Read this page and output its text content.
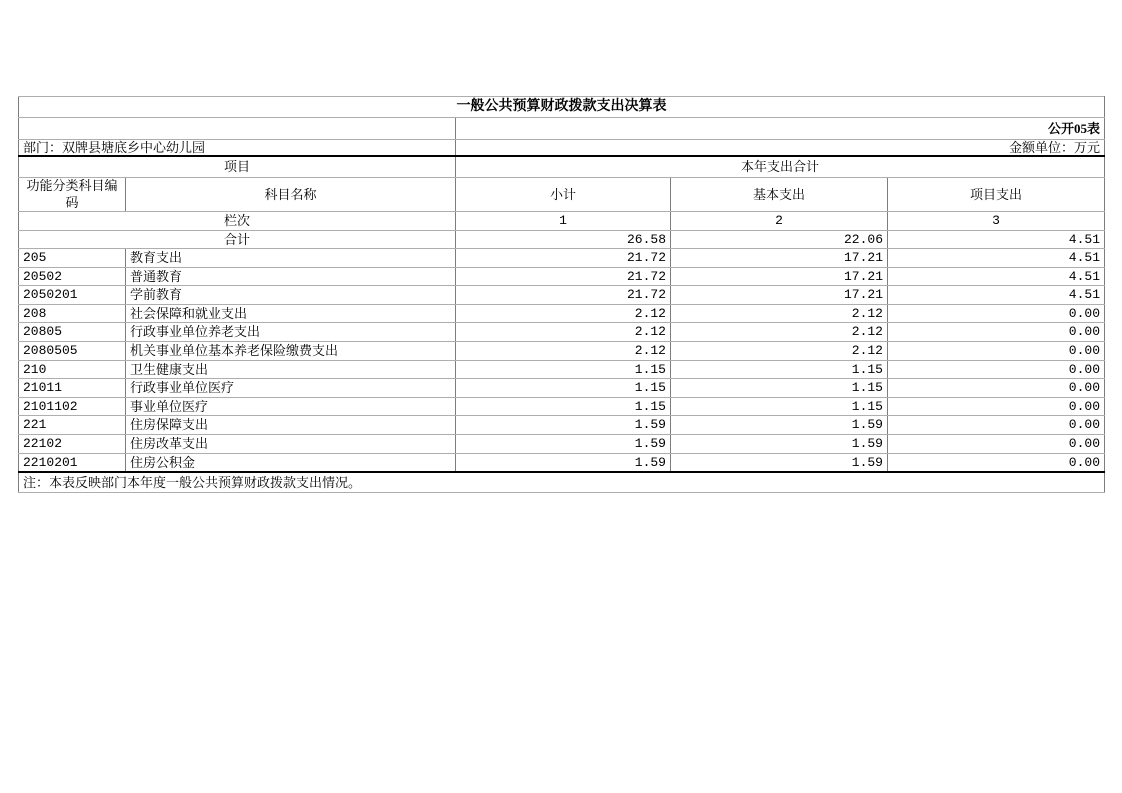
一般公共预算财政拨款支出决算表				
		公开05表		
部门：双牌县塘底乡中心幼儿园		金额单位：万元		
项目		本年支出合计		
功能分类科目编码	科目名称	小计	基本支出	项目支出
栏次		1	2	3
合计		26.58	22.06	4.51
205	教育支出	21.72	17.21	4.51
20502	普通教育	21.72	17.21	4.51
2050201	学前教育	21.72	17.21	4.51
208	社会保障和就业支出	2.12	2.12	0.00
20805	行政事业单位养老支出	2.12	2.12	0.00
2080505	机关事业单位基本养老保险缴费支出	2.12	2.12	0.00
210	卫生健康支出	1.15	1.15	0.00
21011	行政事业单位医疗	1.15	1.15	0.00
2101102	事业单位医疗	1.15	1.15	0.00
221	住房保障支出	1.59	1.59	0.00
22102	住房改革支出	1.59	1.59	0.00
2210201	住房公积金	1.59	1.59	0.00
注：本表反映部门本年度一般公共预算财政拨款支出情况。				
